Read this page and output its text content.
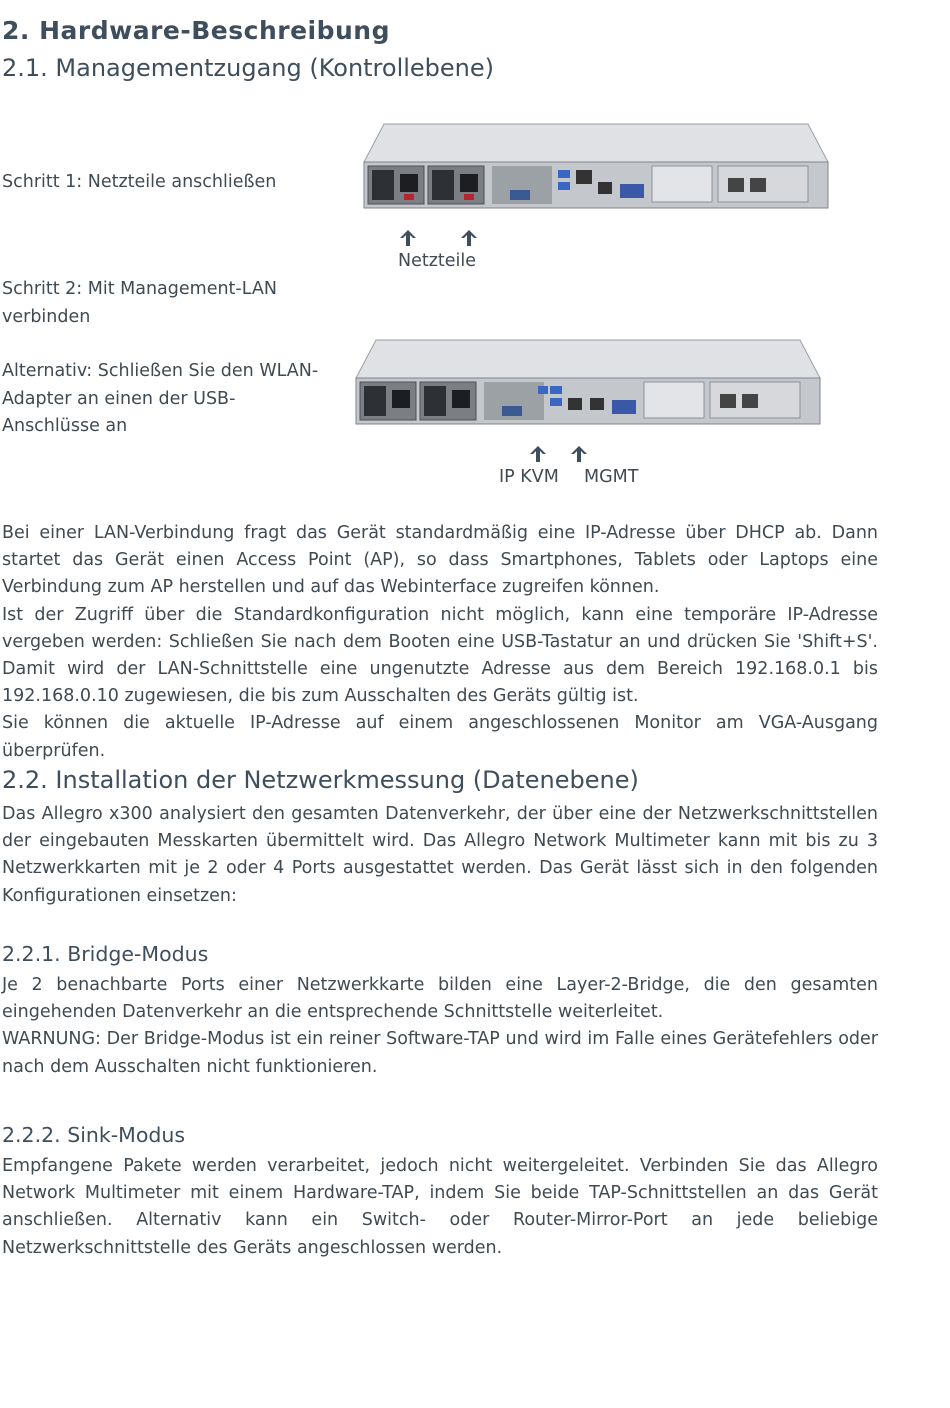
2. Hardware-Beschreibung
2.1. Managementzugang (Kontrollebene)
Schritt 1: Netzteile anschließen
Schritt 2: Mit Management-LAN verbinden
Alternativ: Schließen Sie den WLAN-Adapter an einen der USB-Anschlüsse an
Netzteile
IP KVM MGMT

Bei einer LAN-Verbindung fragt das Gerät standardmäßig eine IP-Adresse über DHCP ab. Dann startet das Gerät einen Access Point (AP), so dass Smartphones, Tablets oder Laptops eine Verbindung zum AP herstellen und auf das Webinterface zugreifen können.

Ist der Zugriff über die Standardkonfiguration nicht möglich, kann eine temporäre IP-Adresse vergeben werden: Schließen Sie nach dem Booten eine USB-Tastatur an und drücken Sie 'Shift+S'. Damit wird der LAN-Schnittstelle eine ungenutzte Adresse aus dem Bereich 192.168.0.1 bis 192.168.0.10 zugewiesen, die bis zum Ausschalten des Geräts gültig ist.

Sie können die aktuelle IP-Adresse auf einem angeschlossenen Monitor am VGA-Ausgang überprüfen.

2.2. Installation der Netzwerkmessung (Datenebene)

Das Allegro x300 analysiert den gesamten Datenverkehr, der über eine der Netzwerkschnittstellen der eingebauten Messkarten übermittelt wird. Das Allegro Network Multimeter kann mit bis zu 3 Netzwerkkarten mit je 2 oder 4 Ports ausgestattet werden. Das Gerät lässt sich in den folgenden Konfigurationen einsetzen:

2.2.1. Bridge-Modus

Je 2 benachbarte Ports einer Netzwerkkarte bilden eine Layer-2-Bridge, die den gesamten eingehenden Datenverkehr an die entsprechende Schnittstelle weiterleitet.

WARNUNG: Der Bridge-Modus ist ein reiner Software-TAP und wird im Falle eines Gerätefehlers oder nach dem Ausschalten nicht funktionieren.

2.2.2. Sink-Modus

Empfangene Pakete werden verarbeitet, jedoch nicht weitergeleitet. Verbinden Sie das Allegro Network Multimeter mit einem Hardware-TAP, indem Sie beide TAP-Schnittstellen an das Gerät anschließen. Alternativ kann ein Switch- oder Router-Mirror-Port an jede beliebige Netzwerkschnittstelle des Geräts angeschlossen werden.
